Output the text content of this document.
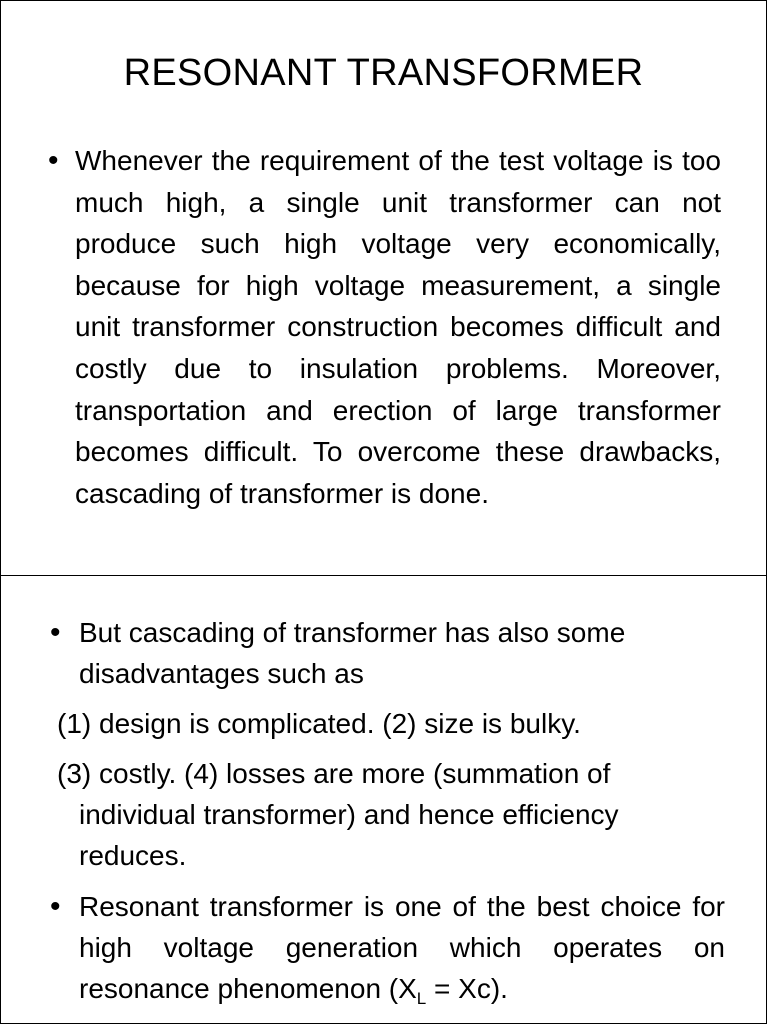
RESONANT TRANSFORMER
• Whenever the requirement of the test voltage is too much high, a single unit transformer can not produce such high voltage very economically, because for high voltage measurement, a single unit transformer construction becomes difficult and costly due to insulation problems. Moreover, transportation and erection of large transformer becomes difficult. To overcome these drawbacks, cascading of transformer is done.
• But cascading of transformer has also some disadvantages such as
(1) design is complicated. (2) size is bulky.
(3) costly. (4) losses are more (summation of
individual transformer) and hence efficiency reduces.
• Resonant transformer is one of the best choice for high voltage generation which operates on resonance phenomenon $(X_L = Xc)$.
